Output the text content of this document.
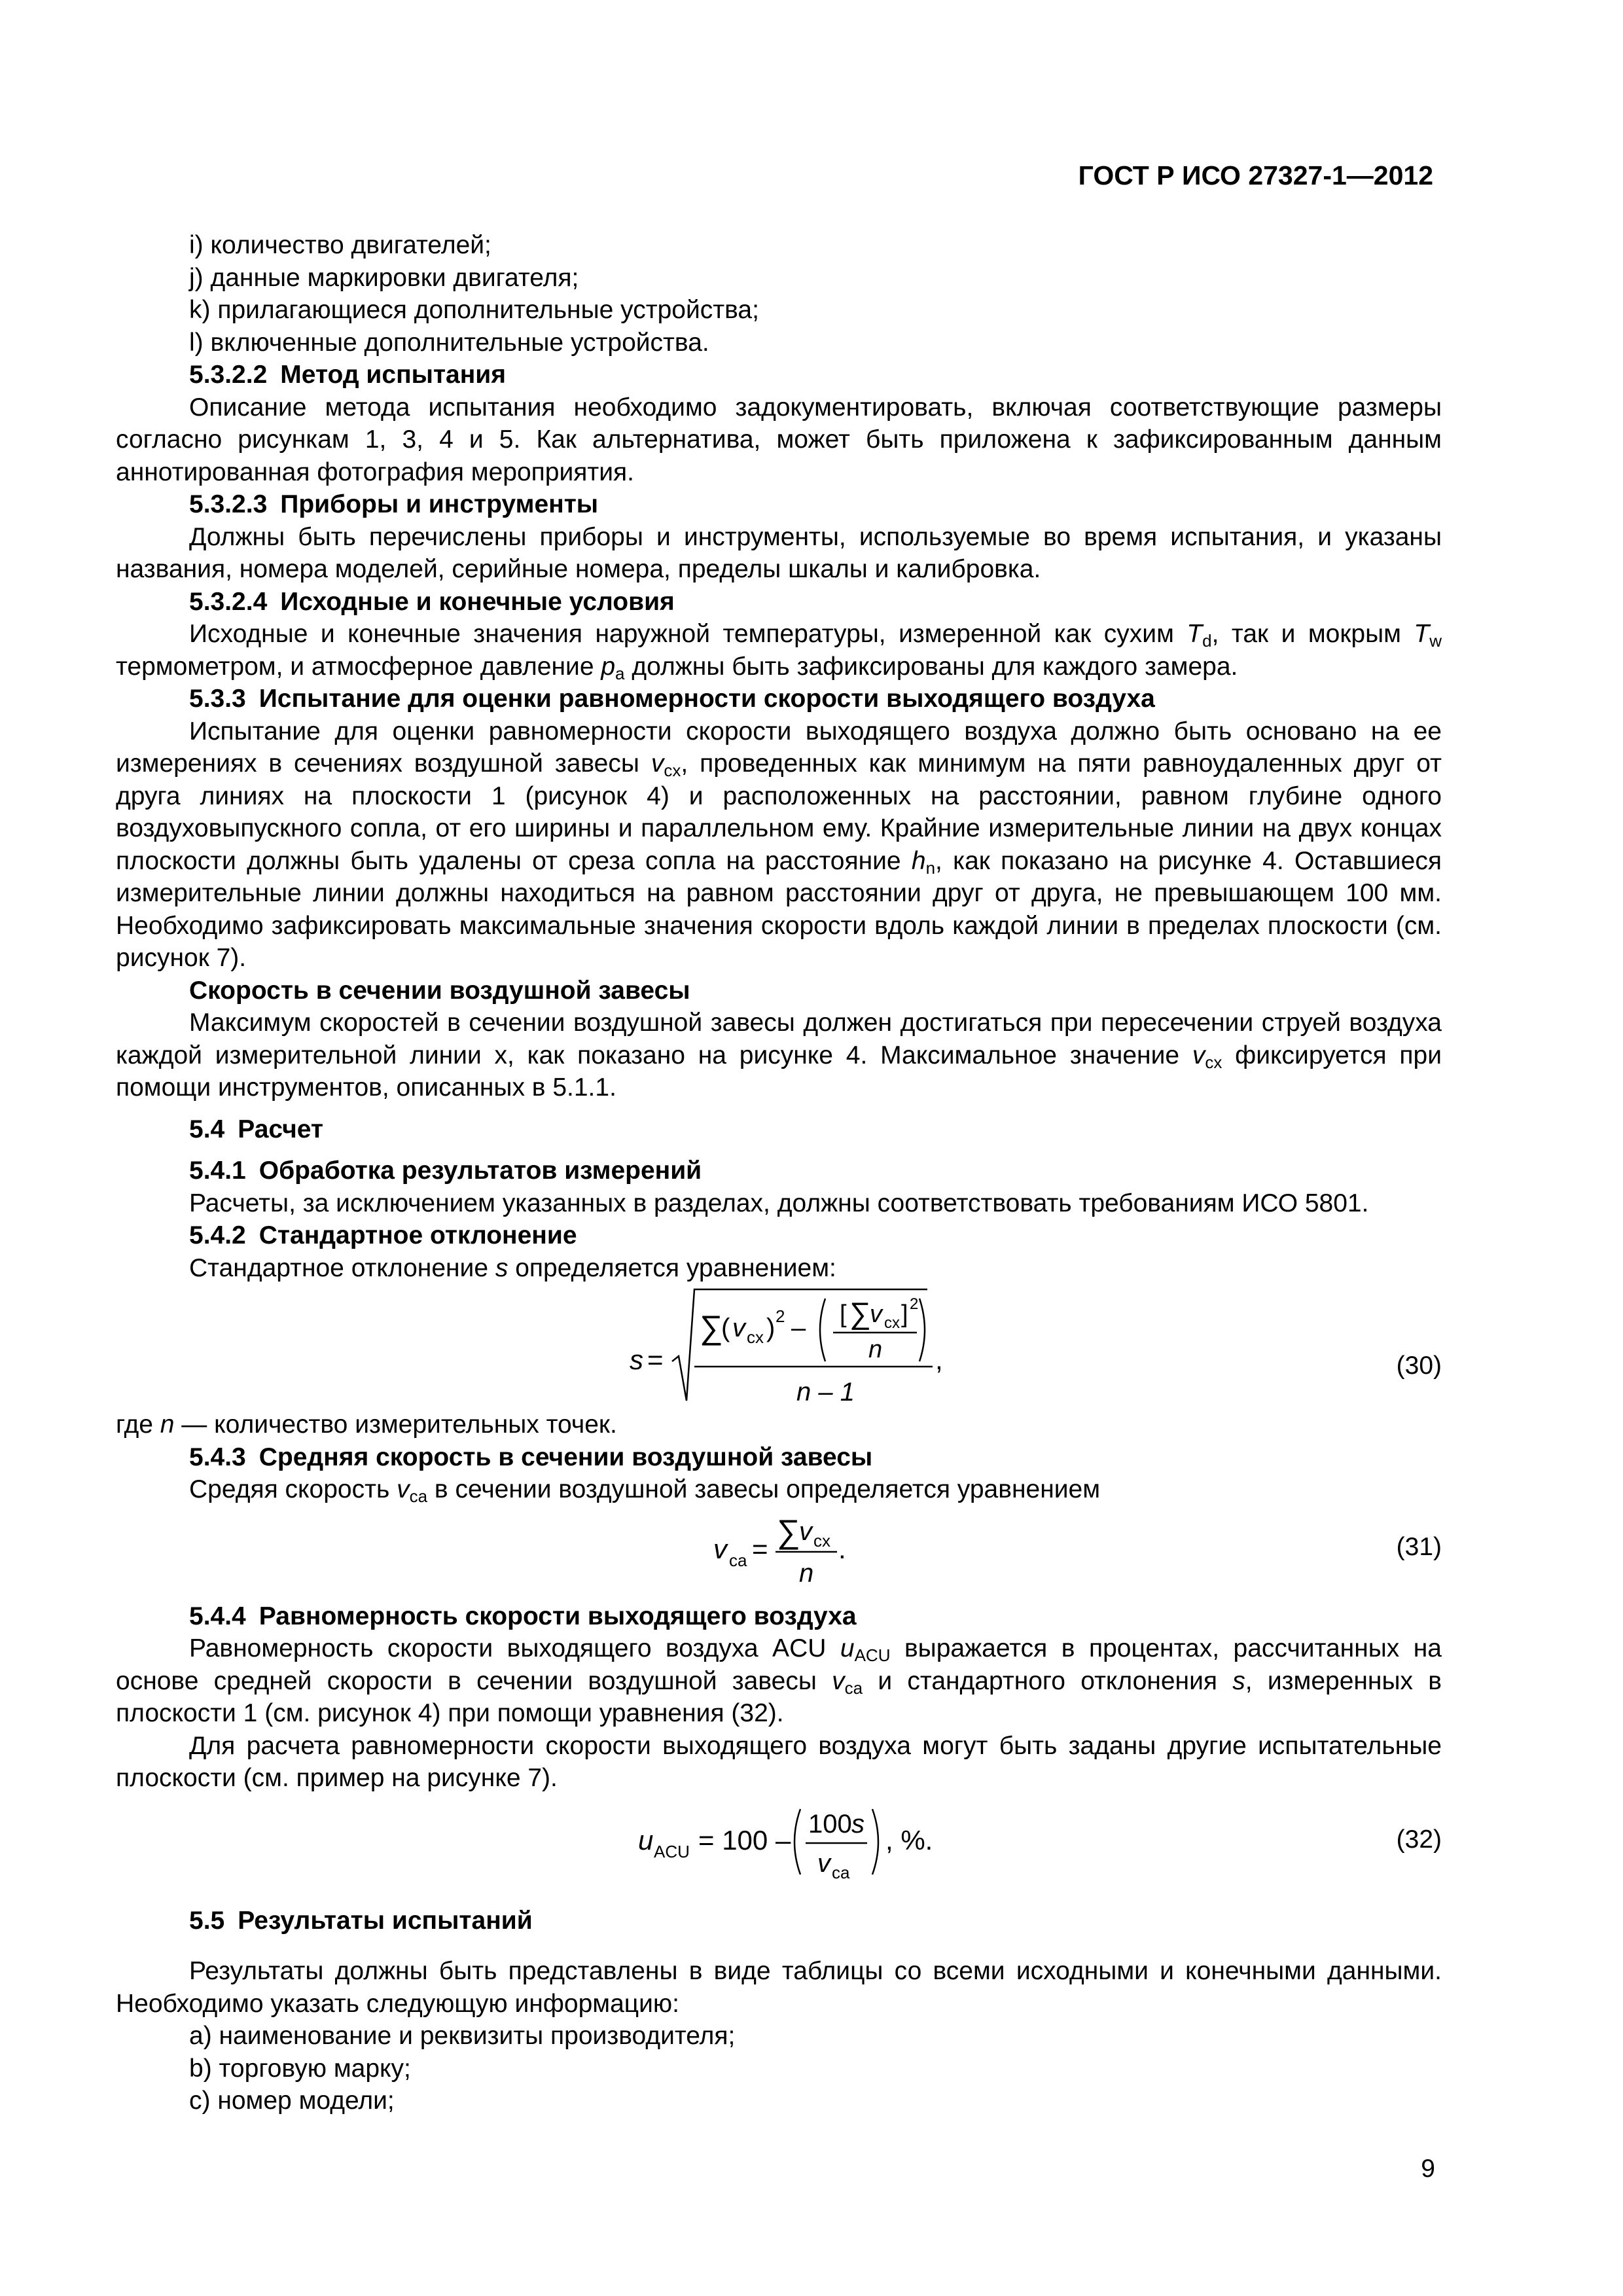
ГОСТ Р ИСО 27327-1—2012

i) количество двигателей;

j) данные маркировки двигателя;

k) прилагающиеся дополнительные устройства;

l) включенные дополнительные устройства.

5.3.2.2 Метод испытания

Описание метода испытания необходимо задокументировать, включая соответствующие размеры согласно рисункам 1, 3, 4 и 5. Как альтернатива, может быть приложена к зафиксированным данным аннотированная фотография мероприятия.

5.3.2.3 Приборы и инструменты

Должны быть перечислены приборы и инструменты, используемые во время испытания, и указаны названия, номера моделей, серийные номера, пределы шкалы и калибровка.

5.3.2.4 Исходные и конечные условия

Исходные и конечные значения наружной температуры, измеренной как сухим $T_d$, так и мокрым $T_w$ термометром, и атмосферное давление $p_a$ должны быть зафиксированы для каждого замера.

5.3.3 Испытание для оценки равномерности скорости выходящего воздуха

Испытание для оценки равномерности скорости выходящего воздуха должно быть основано на ее измерениях в сечениях воздушной завесы $v_{cx}$, проведенных как минимум на пяти равноудаленных друг от друга линиях на плоскости 1 (рисунок 4) и расположенных на расстоянии, равном глубине одного воздуховыпускного сопла, от его ширины и параллельном ему. Крайние измерительные линии на двух концах плоскости должны быть удалены от среза сопла на расстояние $h_n$, как показано на рисунке 4. Оставшиеся измерительные линии должны находиться на равном расстоянии друг от друга, не превышающем 100 мм. Необходимо зафиксировать максимальные значения скорости вдоль каждой линии в пределах плоскости (см. рисунок 7).

Скорость в сечении воздушной завесы

Максимум скоростей в сечении воздушной завесы должен достигаться при пересечении струей воздуха каждой измерительной линии x, как показано на рисунке 4. Максимальное значение $v_{cx}$ фиксируется при помощи инструментов, описанных в 5.1.1.

5.4 Расчет

5.4.1 Обработка результатов измерений

Расчеты, за исключением указанных в разделах, должны соответствовать требованиям ИСО 5801.

5.4.2 Стандартное отклонение

Стандартное отклонение s определяется уравнением:

s =
∑
( v cx ) 2 – [ ∑
v cx ] 2
n
n – 1
,	(30)

где n — количество измерительных точек.

5.4.3 Средняя скорость в сечении воздушной завесы

Средяя скорость $v_{ca}$ в сечении воздушной завесы определяется уравнением

v ca = ∑
v cx
n
.	(31)

5.4.4 Равномерность скорости выходящего воздуха

Равномерность скорости выходящего воздуха ACU $u_{ACU}$ выражается в процентах, рассчитанных на основе средней скорости в сечении воздушной завесы $v_{ca}$ и стандартного отклонения s, измеренных в плоскости 1 (см. рисунок 4) при помощи уравнения (32).

Для расчета равномерности скорости выходящего воздуха могут быть заданы другие испытательные плоскости (см. пример на рисунке 7).

u ACU = 100 –
100 s
v ca
, %.	(32)

5.5 Результаты испытаний

Результаты должны быть представлены в виде таблицы со всеми исходными и конечными данными. Необходимо указать следующую информацию:

a) наименование и реквизиты производителя;

b) торговую марку;

c) номер модели;

9
